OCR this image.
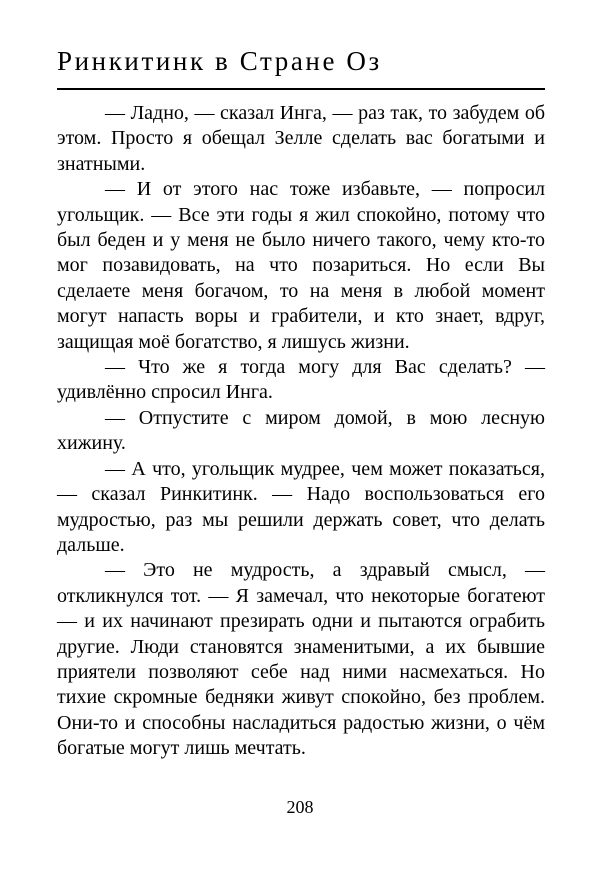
Ринкитинк в Стране Оз

— Ладно, — сказал Инга, — раз так, то забудем об этом. Просто я обещал Зелле сделать вас богатыми и знатными.

— И от этого нас тоже избавьте, — попросил угольщик. — Все эти годы я жил спокойно, потому что был беден и у меня не было ничего такого, чему кто-то мог позавидовать, на что позариться. Но если Вы сделаете меня богачом, то на меня в любой момент могут напасть воры и грабители, и кто знает, вдруг, защищая моё богатство, я лишусь жизни.

— Что же я тогда могу для Вас сделать? — удивлённо спросил Инга.

— Отпустите с миром домой, в мою лесную хижину.

— А что, угольщик мудрее, чем может показаться, — сказал Ринкитинк. — Надо воспользоваться его мудростью, раз мы решили держать совет, что делать дальше.

— Это не мудрость, а здравый смысл, — откликнулся тот. — Я замечал, что некоторые богатеют — и их начинают презирать одни и пытаются ограбить другие. Люди становятся знаменитыми, а их бывшие приятели позволяют себе над ними насмехаться. Но тихие скромные бедняки живут спокойно, без проблем. Они-то и способны насладиться радостью жизни, о чём богатые могут лишь мечтать.

208
